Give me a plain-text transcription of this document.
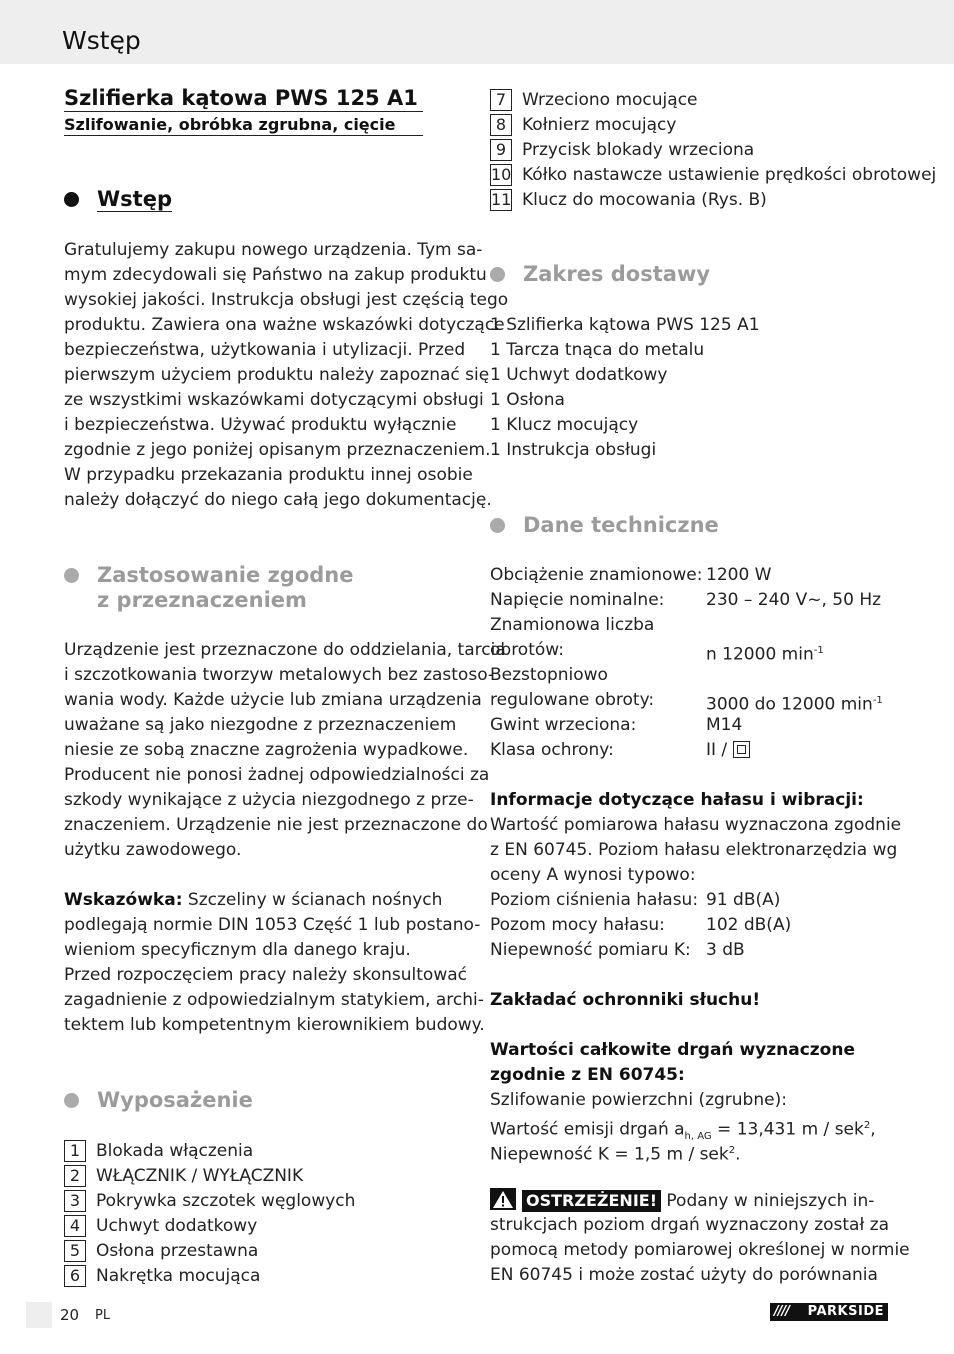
Wstęp
Szlifierka kątowa PWS 125 A1
Szlifowanie, obróbka zgrubna, cięcie
Wstęp
Gratulujemy zakupu nowego urządzenia. Tym sa-
mym zdecydowali się Państwo na zakup produktu
wysokiej jakości. Instrukcja obsługi jest częścią tego
produktu. Zawiera ona ważne wskazówki dotyczące
bezpieczeństwa, użytkowania i utylizacji. Przed
pierwszym użyciem produktu należy zapoznać się
ze wszystkimi wskazówkami dotyczącymi obsługi
i bezpieczeństwa. Używać produktu wyłącznie
zgodnie z jego poniżej opisanym przeznaczeniem.
W przypadku przekazania produktu innej osobie
należy dołączyć do niego całą jego dokumentację.
Zastosowanie zgodne
z przeznaczeniem
Urządzenie jest przeznaczone do oddzielania, tarcia
i szczotkowania tworzyw metalowych bez zastoso-
wania wody. Każde użycie lub zmiana urządzenia
uważane są jako niezgodne z przeznaczeniem
niesie ze sobą znaczne zagrożenia wypadkowe.
Producent nie ponosi żadnej odpowiedzialności za
szkody wynikające z użycia niezgodnego z prze-
znaczeniem. Urządzenie nie jest przeznaczone do
użytku zawodowego.
Wskazówka: Szczeliny w ścianach nośnych
podlegają normie DIN 1053 Część 1 lub postano-
wieniom specyficznym dla danego kraju.
Przed rozpoczęciem pracy należy skonsultować
zagadnienie z odpowiedzialnym statykiem, archi-
tektem lub kompetentnym kierownikiem budowy.
Wyposażenie
1 Blokada włączenia
2 WŁĄCZNIK / WYŁĄCZNIK
3 Pokrywka szczotek węglowych
4 Uchwyt dodatkowy
5 Osłona przestawna
6 Nakrętka mocująca
7 Wrzeciono mocujące
8 Kołnierz mocujący
9 Przycisk blokady wrzeciona
10 Kółko nastawcze ustawienie prędkości obrotowej
11 Klucz do mocowania (Rys. B)
Zakres dostawy
1 Szlifierka kątowa PWS 125 A1
1 Tarcza tnąca do metalu
1 Uchwyt dodatkowy
1 Osłona
1 Klucz mocujący
1 Instrukcja obsługi
Dane techniczne
Obciążenie znamionowe: 1200 W
Napięcie nominalne: 230 – 240 V~, 50 Hz
Znamionowa liczba
obrotów:	n 12000 $\min^{-1}$
Bezstopniowo
regulowane obroty:	3000 do 12000 $\min^{-1}$
Gwint wrzeciona:	M14
Klasa ochrony:	II /
Informacje dotyczące hałasu i wibracji:
Wartość pomiarowa hałasu wyznaczona zgodnie
z EN 60745. Poziom hałasu elektronarzędzia wg
oceny A wynosi typowo:
Poziom ciśnienia hałasu: 91 dB(A)
Pozom mocy hałasu: 102 dB(A)
Niepewność pomiaru K: 3 dB
Zakładać ochronniki słuchu!
Wartości całkowite drgań wyznaczone
zgodnie z EN 60745:
Szlifowanie powierzchni (zgrubne):
Wartość emisji drgań $a_{h, AG} = 13,431$ m / sek$^2$,
Niepewność K = 1,5 m / sek$^2$.
OSTRZEŻENIE! Podany w niniejszych in-
strukcjach poziom drgań wyznaczony został za
pomocą metody pomiarowej określonej w normie
EN 60745 i może zostać użyty do porównania
20 PL	//// PARKSIDE
